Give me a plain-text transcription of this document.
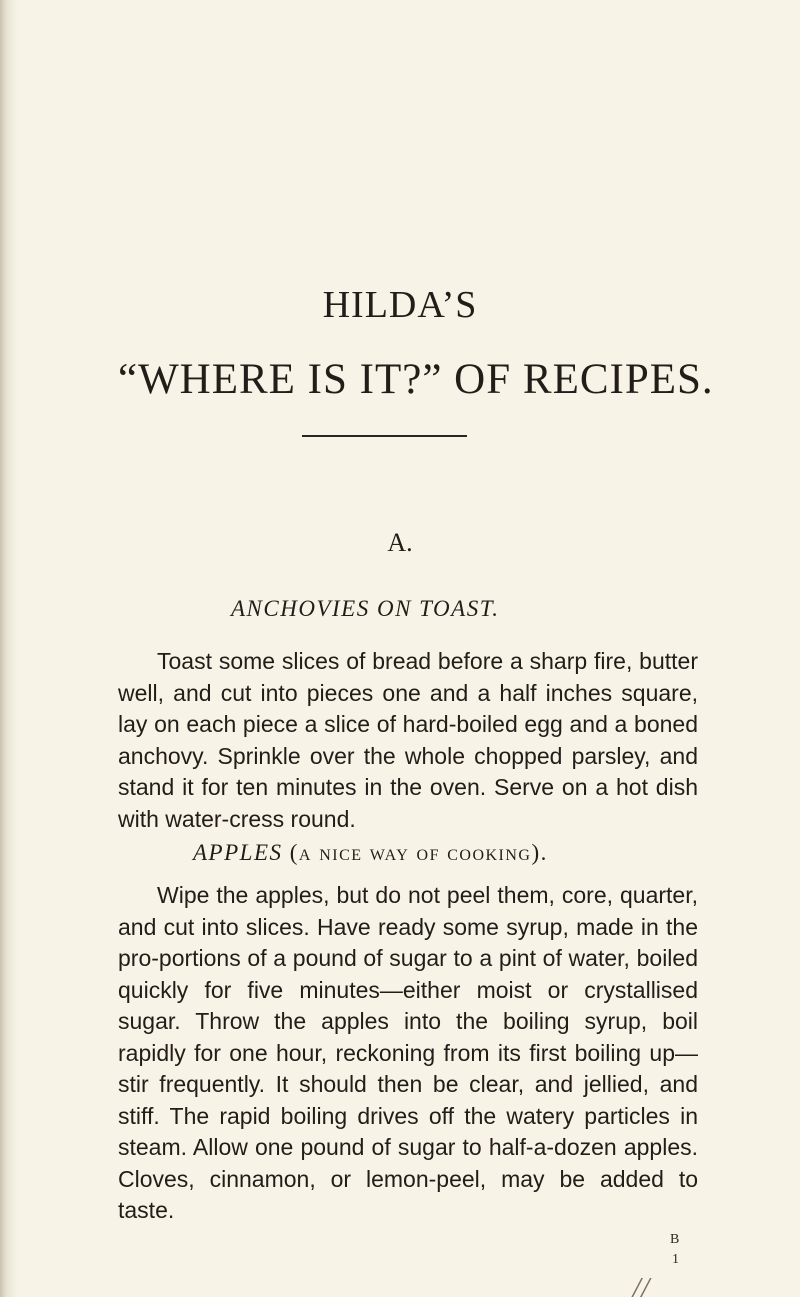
HILDA’S
“WHERE IS IT?” OF RECIPES.
A.
ANCHOVIES ON TOAST.
Toast some slices of bread before a sharp fire, butter well, and cut into pieces one and a half inches square, lay on each piece a slice of hard-boiled egg and a boned anchovy. Sprinkle over the whole chopped parsley, and stand it for ten minutes in the oven. Serve on a hot dish with water-cress round.
APPLES (a nice way of cooking).
Wipe the apples, but do not peel them, core, quarter, and cut into slices. Have ready some syrup, made in the pro-portions of a pound of sugar to a pint of water, boiled quickly for five minutes—either moist or crystallised sugar. Throw the apples into the boiling syrup, boil rapidly for one hour, reckoning from its first boiling up—stir frequently. It should then be clear, and jellied, and stiff. The rapid boiling drives off the watery particles in steam. Allow one pound of sugar to half-a-dozen apples. Cloves, cinnamon, or lemon-peel, may be added to taste.
B
1
//
